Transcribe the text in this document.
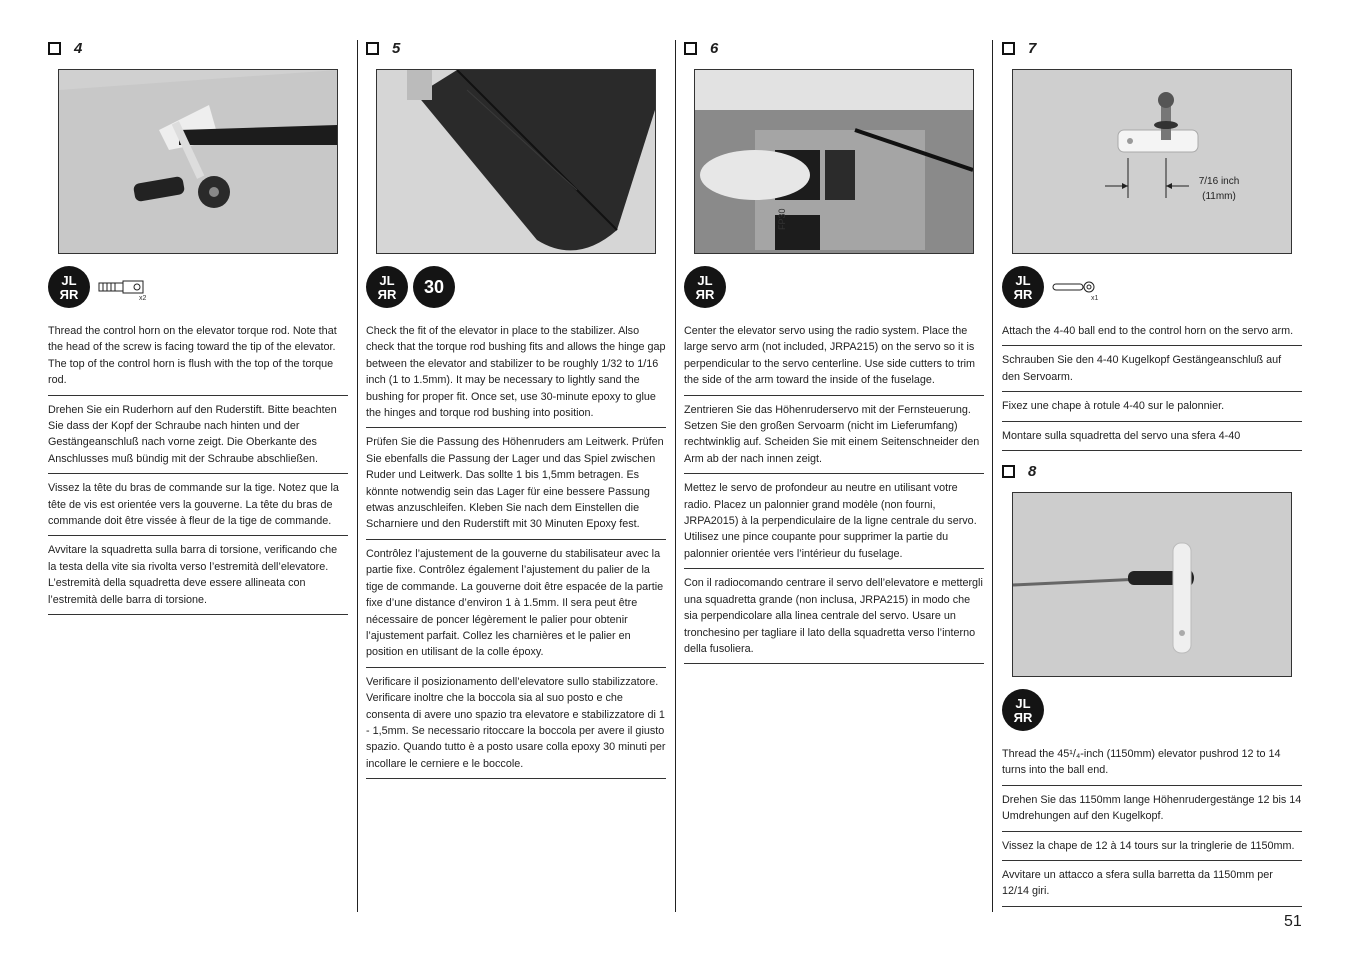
4
JL
ЯR	x2
Thread the control horn on the elevator torque rod. Note that the head of the screw is facing toward the tip of the elevator. The top of the control horn is flush with the top of the torque rod.
Drehen Sie ein Ruderhorn auf den Ruderstift. Bitte beachten Sie dass der Kopf der Schraube nach hinten und der Gestängeanschluß nach vorne zeigt. Die Oberkante des Anschlusses muß bündig mit der Schraube abschließen.
Vissez la tête du bras de commande sur la tige. Notez que la tête de vis est orientée vers la gouverne. La tête du bras de commande doit être vissée à fleur de la tige de commande.
Avvitare la squadretta sulla barra di torsione, verificando che la testa della vite sia rivolta verso l’estremità dell’elevatore. L’estremità della squadretta deve essere allineata con l’estremità delle barra di torsione.
5
JL
ЯR 30
Check the fit of the elevator in place to the stabilizer. Also check that the torque rod bushing fits and allows the hinge gap between the elevator and stabilizer to be roughly 1/32 to 1/16 inch (1 to 1.5mm). It may be necessary to lightly sand the bushing for proper fit. Once set, use 30-minute epoxy to glue the hinges and torque rod bushing into position.
Prüfen Sie die Passung des Höhenruders am Leitwerk. Prüfen Sie ebenfalls die Passung der Lager und das Spiel zwischen Ruder und Leitwerk. Das sollte 1 bis 1,5mm betragen. Es könnte notwendig sein das Lager für eine bessere Passung etwas anzuschleifen. Kleben Sie nach dem Einstellen die Scharniere und den Ruderstift mit 30 Minuten Epoxy fest.
Contrôlez l’ajustement de la gouverne du stabilisateur avec la partie fixe. Contrôlez également l’ajustement du palier de la tige de commande. La gouverne doit être espacée de la partie fixe d’une distance d’environ 1 à 1.5mm. Il sera peut être nécessaire de poncer légèrement le palier pour obtenir l’ajustement parfait. Collez les charnières et le palier en position en utilisant de la colle époxy.
Verificare il posizionamento dell’elevatore sullo stabilizzatore. Verificare inoltre che la boccola sia al suo posto e che consenta di avere uno spazio tra elevatore e stabilizzatore di 1 - 1,5mm. Se necessario ritoccare la boccola per avere il giusto spazio. Quando tutto è a posto usare colla epoxy 30 minuti per incollare le cerniere e le boccole.
6
FP30
JL
ЯR
Center the elevator servo using the radio system. Place the large servo arm (not included, JRPA215) on the servo so it is perpendicular to the servo centerline. Use side cutters to trim the side of the arm toward the inside of the fuselage.
Zentrieren Sie das Höhenruderservo mit der Fernsteuerung. Setzen Sie den großen Servoarm (nicht im Lieferumfang) rechtwinklig auf. Scheiden Sie mit einem Seitenschneider den Arm ab der nach innen zeigt.
Mettez le servo de profondeur au neutre en utilisant votre radio. Placez un palonnier grand modèle (non fourni, JRPA2015) à la perpendiculaire de la ligne centrale du servo. Utilisez une pince coupante pour supprimer la partie du palonnier orientée vers l’intérieur du fuselage.
Con il radiocomando centrare il servo dell’elevatore e mettergli una squadretta grande (non inclusa, JRPA215) in modo che sia perpendicolare alla linea centrale del servo. Usare un tronchesino per tagliare il lato della squadretta verso l’interno della fusoliera.
7
7/16 inch
(11mm)
JL
ЯR	x1
Attach the 4-40 ball end to the control horn on the servo arm.
Schrauben Sie den 4-40 Kugelkopf Gestängeanschluß auf den Servoarm.
Fixez une chape à rotule 4-40 sur le palonnier.
Montare sulla squadretta del servo una sfera 4-40
8
JL
ЯR
Thread the 45¹/₄-inch (1150mm) elevator pushrod 12 to 14 turns into the ball end.
Drehen Sie das 1150mm lange Höhenrudergestänge 12 bis 14 Umdrehungen auf den Kugelkopf.
Vissez la chape de 12 à 14 tours sur la tringlerie de 1150mm.
Avvitare un attacco a sfera sulla barretta da 1150mm per 12/14 giri.
51
